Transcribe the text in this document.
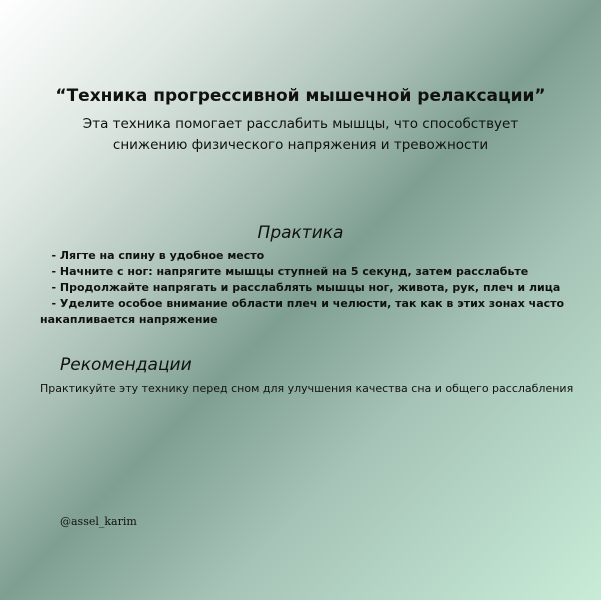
“Техника прогрессивной мышечной релаксации”
Эта техника помогает расслабить мышцы, что способствует снижению физического напряжения и тревожности
Практика
- Лягте на спину в удобное место
- Начните с ног: напрягите мышцы ступней на 5 секунд, затем расслабьте
- Продолжайте напрягать и расслаблять мышцы ног, живота, рук, плеч и лица
- Уделите особое внимание области плеч и челюсти, так как в этих зонах часто накапливается напряжение
Рекомендации
Практикуйте эту технику перед сном для улучшения качества сна и общего расслабления
@assel_karim
